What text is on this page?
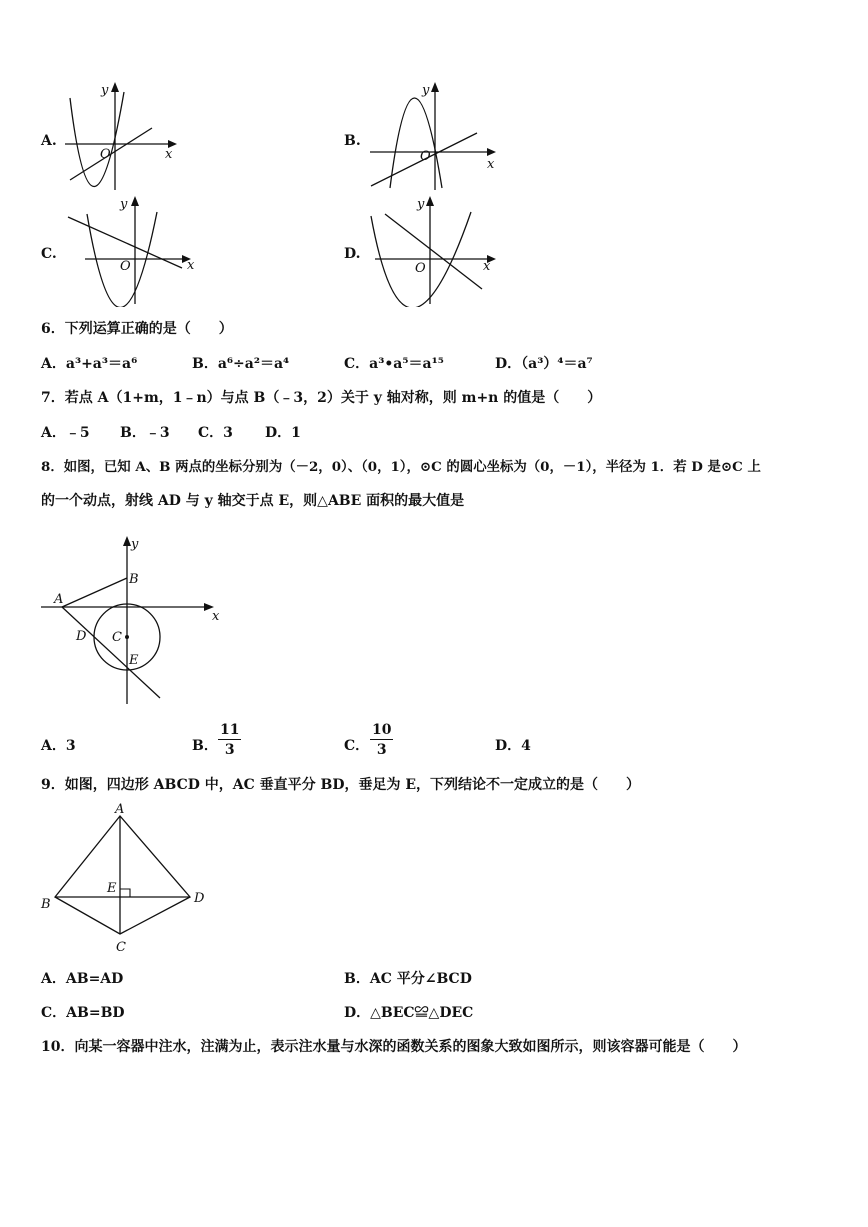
A.
x
y
O
B.
x
y
O
C.
x
y
O
D.
x
y
O
6．下列运算正确的是（　　）
A．a³+a³＝a⁶	B．a⁶÷a²＝a⁴	C．a³•a⁵＝a¹⁵	D．（a³）⁴＝a⁷
7．若点 A（1+m，1﹣n）与点 B（﹣3，2）关于 y 轴对称，则 m+n 的值是（　　）
A．﹣5 B．﹣3 C．3 D．1
8．如图，已知 A、B 两点的坐标分别为（－2，0）、（0，1），⊙C 的圆心坐标为（0，－1），半径为 1．若 D 是⊙C 上
的一个动点，射线 AD 与 y 轴交于点 E，则△ABE 面积的最大值是
y
x
A
B
C
D
E
A．3	B． $\frac{11}{3}$	C． $\frac{10}{3}$	D．4
9．如图，四边形 ABCD 中，AC 垂直平分 BD，垂足为 E，下列结论不一定成立的是（　　）
A
B
C
D
E
A．AB=AD	B．AC 平分∠BCD
C．AB=BD	D．△BEC≌△DEC
10．向某一容器中注水，注满为止，表示注水量与水深的函数关系的图象大致如图所示，则该容器可能是（　　）
